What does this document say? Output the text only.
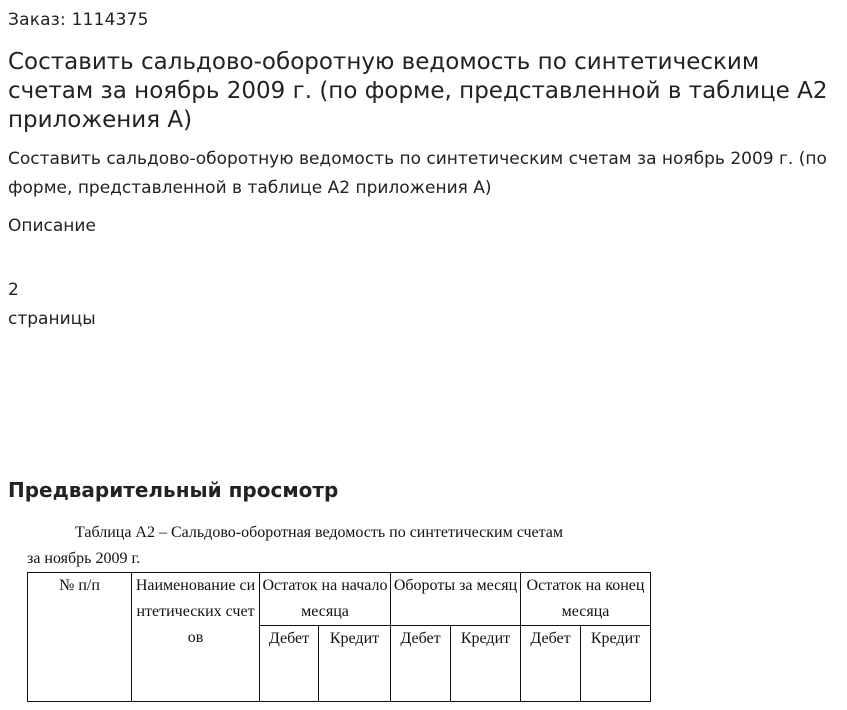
Заказ: 1114375
Составить сальдово-оборотную ведомость по синтетическим счетам за ноябрь 2009 г. (по форме, представленной в таблице А2 приложения А)
Составить сальдово-оборотную ведомость по синтетическим счетам за ноябрь 2009 г. (по форме, представленной в таблице А2 приложения А)
Описание
2
страницы
Предварительный просмотр
Таблица А2 – Сальдово-оборотная ведомость по синтетическим счетам
за ноябрь 2009 г.
№ п/п	Наименование синтетических счетов	Остаток на начало месяца		Обороты за месяц		Остаток на конец месяца	
		Дебет	Кредит	Дебет	Кредит	Дебет	Кредит
